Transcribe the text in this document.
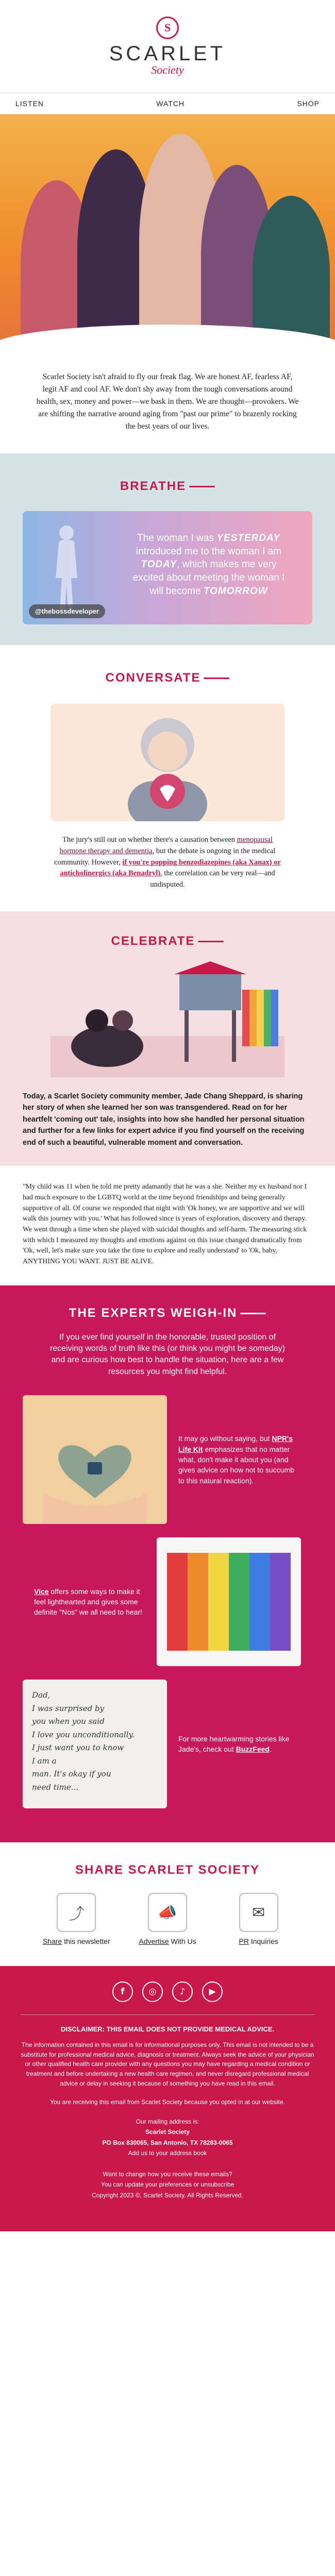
S
SCARLET
Society
LISTEN	WATCH	SHOP
Scarlet Society isn't afraid to fly our freak flag. We are honest AF, fearless AF, legit AF and cool AF. We don't shy away from the tough conversations around health, sex, money and power—we bask in them. We are thought—provokers. We are shifting the narrative around aging from "past our prime" to brazenly rocking the best years of our lives.
BREATHE
The woman I was YESTERDAY introduced me to the woman I am TODAY, which makes me very excited about meeting the woman I will become TOMORROW
@thebossdeveloper
CONVERSATE
The jury's still out on whether there's a causation between menopausal hormone therapy and dementia, but the debate is ongoing in the medical community. However, if you're popping benzodiazepines (aka Xanax) or anticholinergics (aka Benadryl), the correlation can be very real—and undisputed.
CELEBRATE
Today, a Scarlet Society community member, Jade Chang Sheppard, is sharing her story of when she learned her son was transgendered. Read on for her heartfelt 'coming out' tale, insights into how she handled her personal situation and further for a few links for expert advice if you find yourself on the receiving end of such a beautiful, vulnerable moment and conversation.
"My child was 11 when he told me pretty adamantly that he was a she. Neither my ex husband nor I had much exposure to the LGBTQ world at the time beyond friendships and being generally supportive of all. Of course we responded that night with 'Ok honey, we are supportive and we will walk this journey with you.' What has followed since is years of exploration, discovery and therapy. We went through a time when she played with suicidal thoughts and self-harm. The measuring stick with which I measured my thoughts and emotions against on this issue changed dramatically from 'Ok, well, let's make sure you take the time to explore and really understand' to 'Ok, baby, ANYTHING YOU WANT. JUST BE ALIVE.
THE EXPERTS WEIGH-IN
If you ever find yourself in the honorable, trusted position of receiving words of truth like this (or think you might be someday) and are curious how best to handle the situation, here are a few resources you might find helpful.
It may go without saying, but NPR's Life Kit emphasizes that no matter what, don't make it about you (and gives advice on how not to succumb to this natural reaction).
Vice offers some ways to make it feel lighthearted and gives some definite "Nos" we all need to hear!
Dad,
I was surprised by
you when you said
I love you unconditionally.
I just want you to know
I am a
man. It's okay if you
need time...
For more heartwarming stories like Jade's, check out BuzzFeed.
SHARE SCARLET SOCIETY
⤴
Share this newsletter
📣
Advertise With Us
✉
PR Inquiries
f	◎	♪	▶
DISCLAIMER: THIS EMAIL DOES NOT PROVIDE MEDICAL ADVICE.
The information contained in this email is for informational purposes only. This email is not intended to be a substitute for professional medical advice, diagnosis or treatment. Always seek the advice of your physician or other qualified health care provider with any questions you may have regarding a medical condition or treatment and before undertaking a new health care regimen, and never disregard professional medical advice or delay in seeking it because of something you have read in this email.
You are receiving this email from Scarlet Society because you opted in at our website.
Our mailing address is:
Scarlet Society
PO Box 830065, San Antonio, TX 78283-0065
Add us to your address book

Want to change how you receive these emails?
You can update your preferences or unsubscribe
Copyright 2023 ©, Scarlet Society. All Rights Reserved.
